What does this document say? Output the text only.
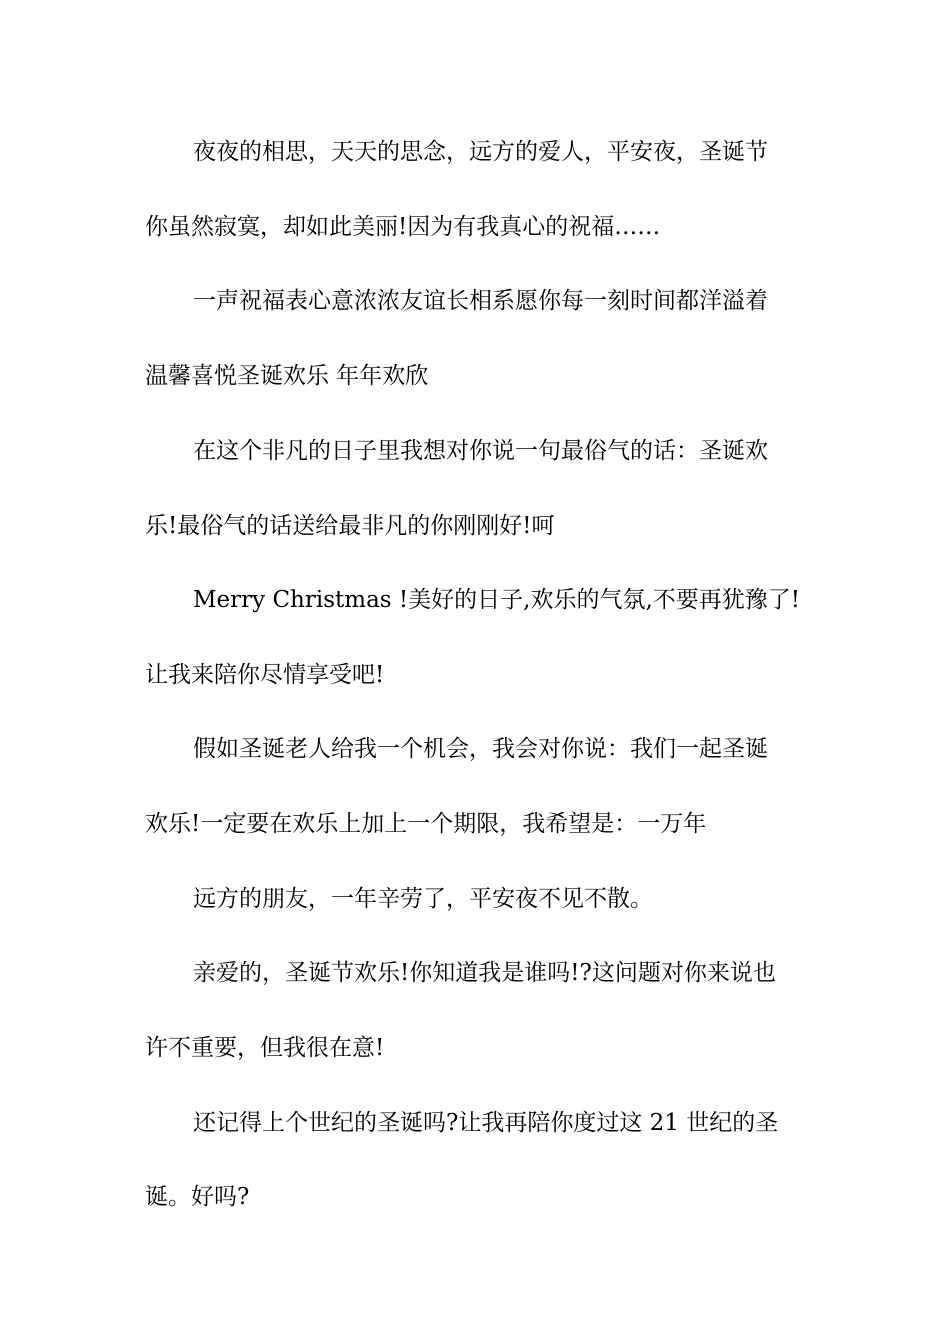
夜夜的相思，天天的思念，远方的爱人，平安夜，圣诞节

你虽然寂寞，却如此美丽!因为有我真心的祝福……

一声祝福表心意浓浓友谊长相系愿你每一刻时间都洋溢着

温馨喜悦圣诞欢乐 年年欢欣

在这个非凡的日子里我想对你说一句最俗气的话：圣诞欢

乐!最俗气的话送给最非凡的你刚刚好!呵

Merry Christmas !美好的日子,欢乐的气氛,不要再犹豫了!

让我来陪你尽情享受吧!

假如圣诞老人给我一个机会，我会对你说：我们一起圣诞

欢乐!一定要在欢乐上加上一个期限，我希望是：一万年

远方的朋友，一年辛劳了，平安夜不见不散。

亲爱的，圣诞节欢乐!你知道我是谁吗!?这问题对你来说也

许不重要，但我很在意!

还记得上个世纪的圣诞吗?让我再陪你度过这 21 世纪的圣

诞。好吗?
